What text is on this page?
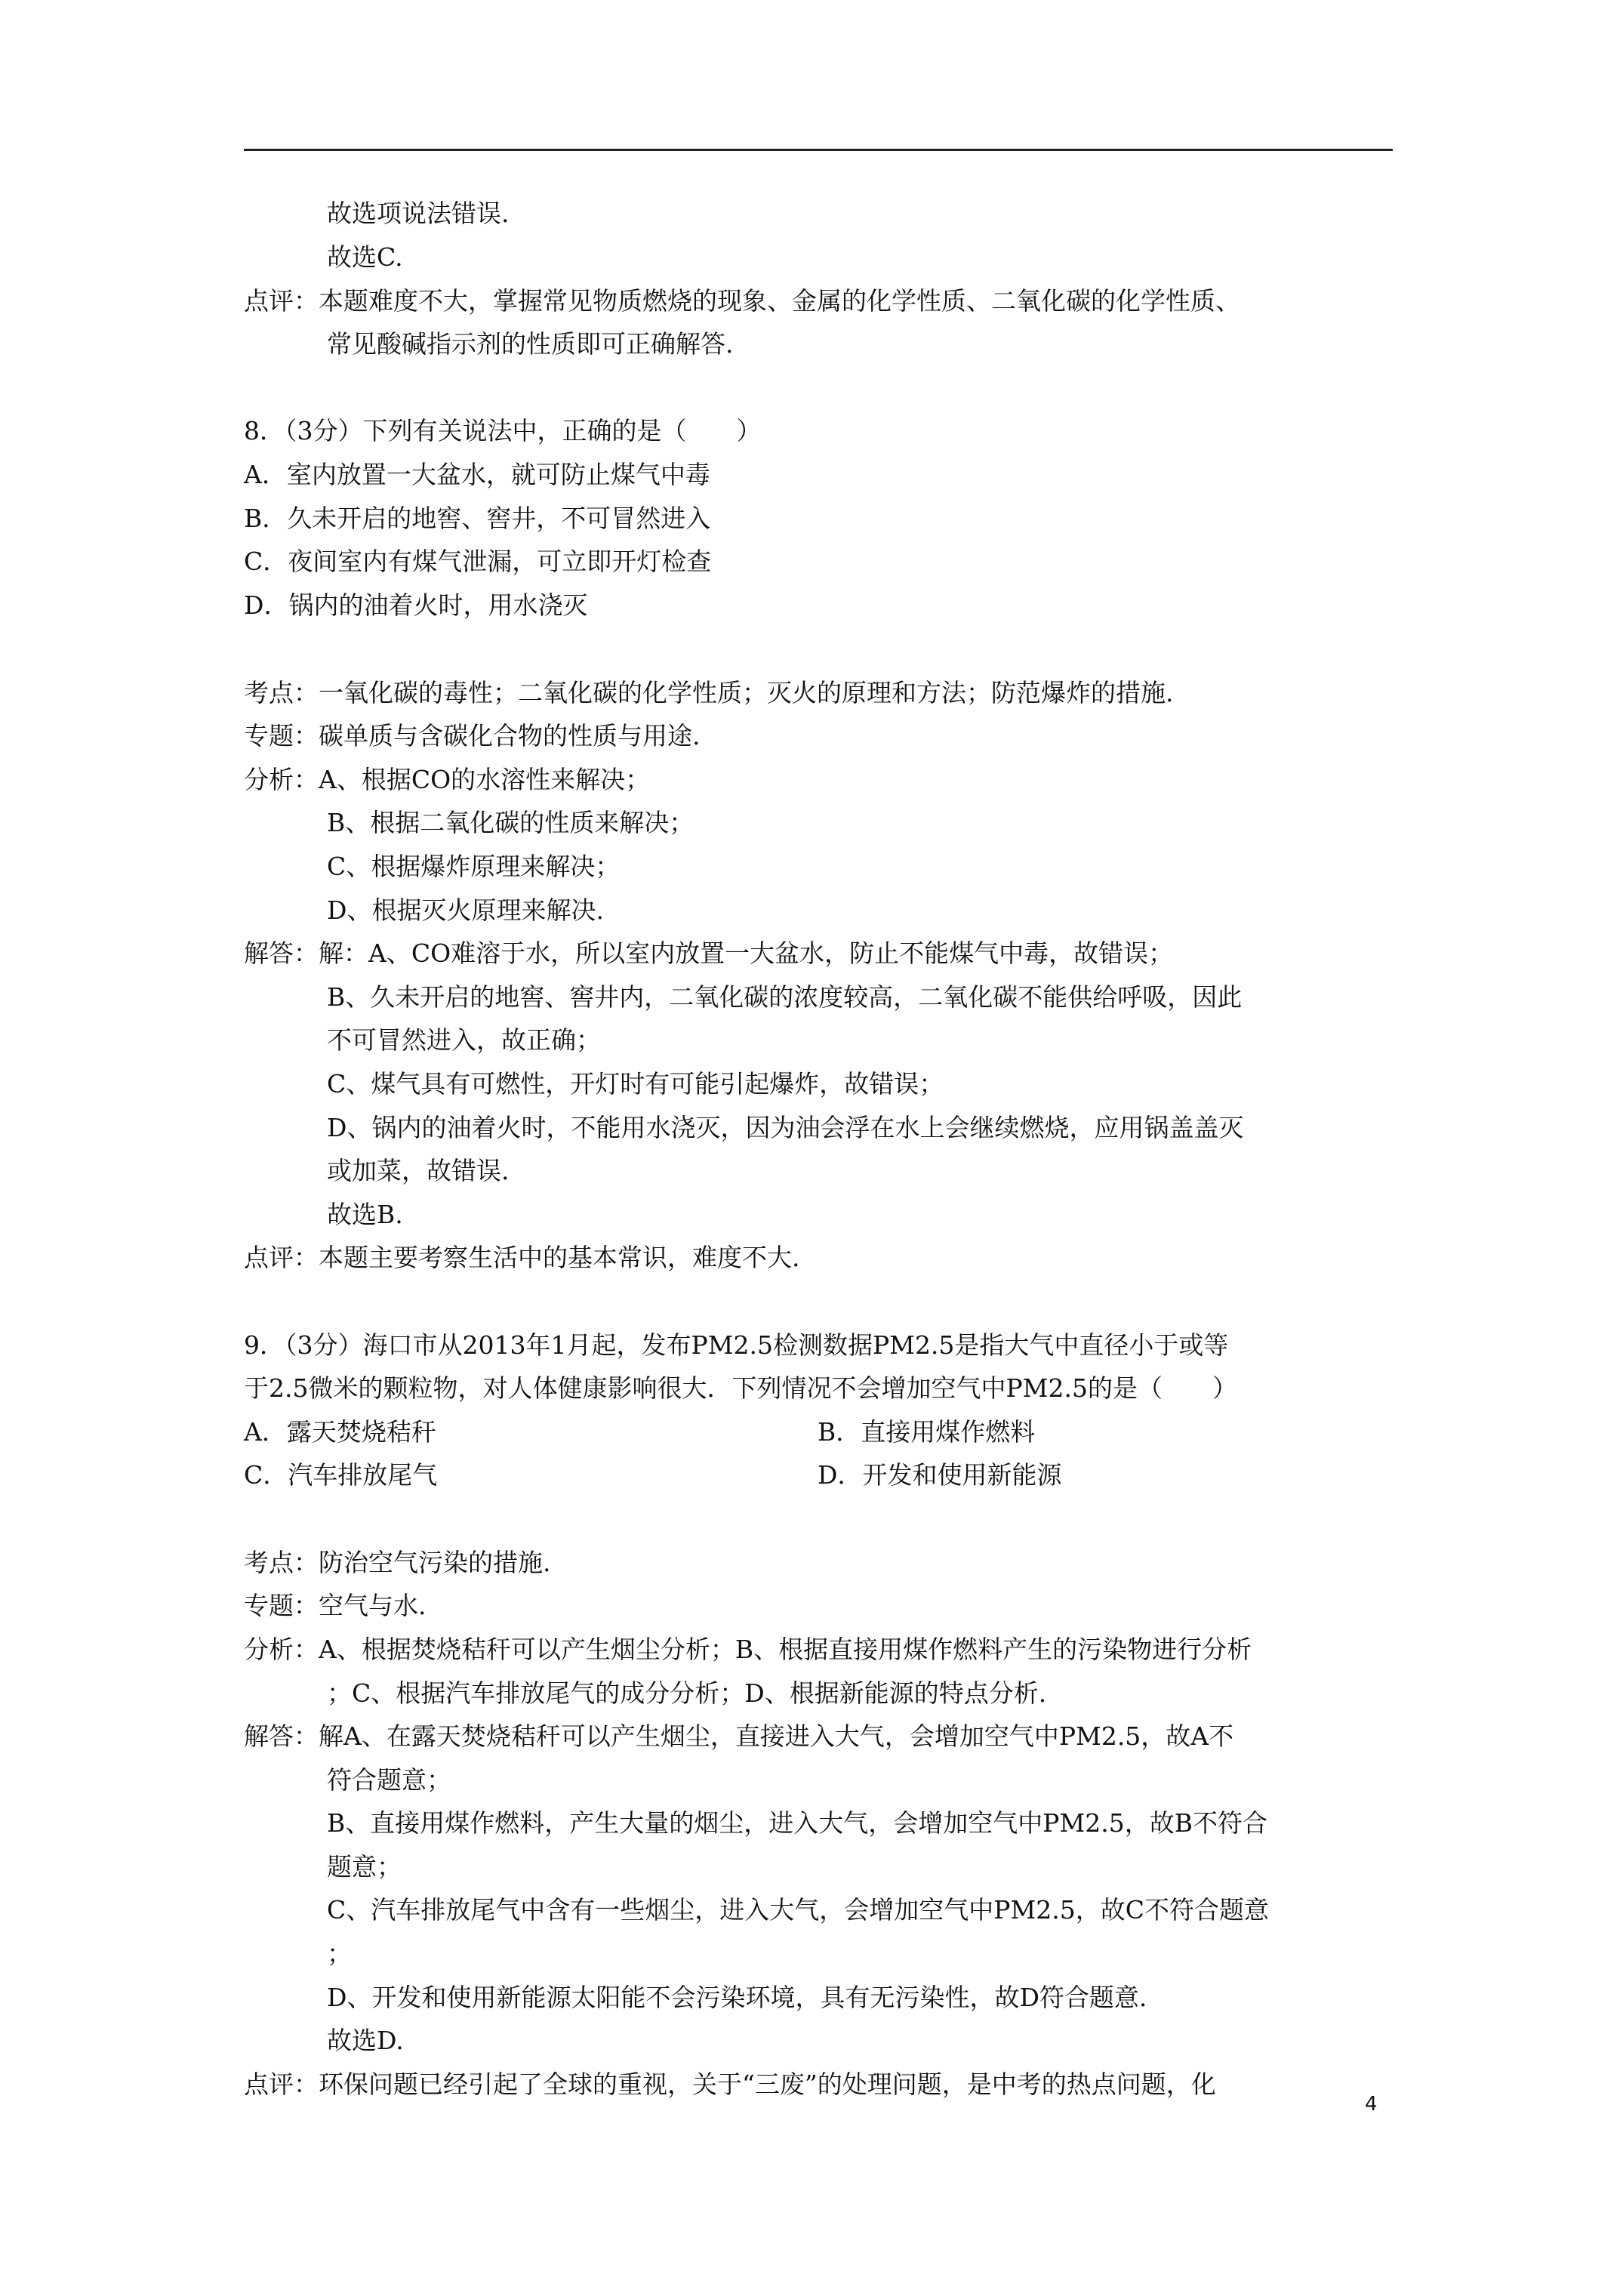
故选项说法错误.
故选C.
点评：本题难度不大，掌握常见物质燃烧的现象、金属的化学性质、二氧化碳的化学性质、
常见酸碱指示剂的性质即可正确解答.
8．（3分）下列有关说法中，正确的是（　　）
A．室内放置一大盆水，就可防止煤气中毒
B．久未开启的地窖、窖井，不可冒然进入
C．夜间室内有煤气泄漏，可立即开灯检查
D．锅内的油着火时，用水浇灭
考点：一氧化碳的毒性；二氧化碳的化学性质；灭火的原理和方法；防范爆炸的措施.
专题：碳单质与含碳化合物的性质与用途.
分析：A、根据CO的水溶性来解决；
B、根据二氧化碳的性质来解决；
C、根据爆炸原理来解决；
D、根据灭火原理来解决.
解答：解：A、CO难溶于水，所以室内放置一大盆水，防止不能煤气中毒，故错误；
B、久未开启的地窖、窖井内，二氧化碳的浓度较高，二氧化碳不能供给呼吸，因此
不可冒然进入，故正确；
C、煤气具有可燃性，开灯时有可能引起爆炸，故错误；
D、锅内的油着火时，不能用水浇灭，因为油会浮在水上会继续燃烧，应用锅盖盖灭
或加菜，故错误.
故选B.
点评：本题主要考察生活中的基本常识，难度不大.
9．（3分）海口市从2013年1月起，发布PM2.5检测数据PM2.5是指大气中直径小于或等
于2.5微米的颗粒物，对人体健康影响很大．下列情况不会增加空气中PM2.5的是（　　）
A．露天焚烧秸秆	B．直接用煤作燃料
C．汽车排放尾气	D．开发和使用新能源
考点：防治空气污染的措施.
专题：空气与水.
分析：A、根据焚烧秸秆可以产生烟尘分析；B、根据直接用煤作燃料产生的污染物进行分析
；C、根据汽车排放尾气的成分分析；D、根据新能源的特点分析.
解答：解A、在露天焚烧秸秆可以产生烟尘，直接进入大气，会增加空气中PM2.5，故A不
符合题意；
B、直接用煤作燃料，产生大量的烟尘，进入大气，会增加空气中PM2.5，故B不符合
题意；
C、汽车排放尾气中含有一些烟尘，进入大气，会增加空气中PM2.5，故C不符合题意
；
D、开发和使用新能源太阳能不会污染环境，具有无污染性，故D符合题意.
故选D.
点评：环保问题已经引起了全球的重视，关于“三废”的处理问题，是中考的热点问题，化
4
